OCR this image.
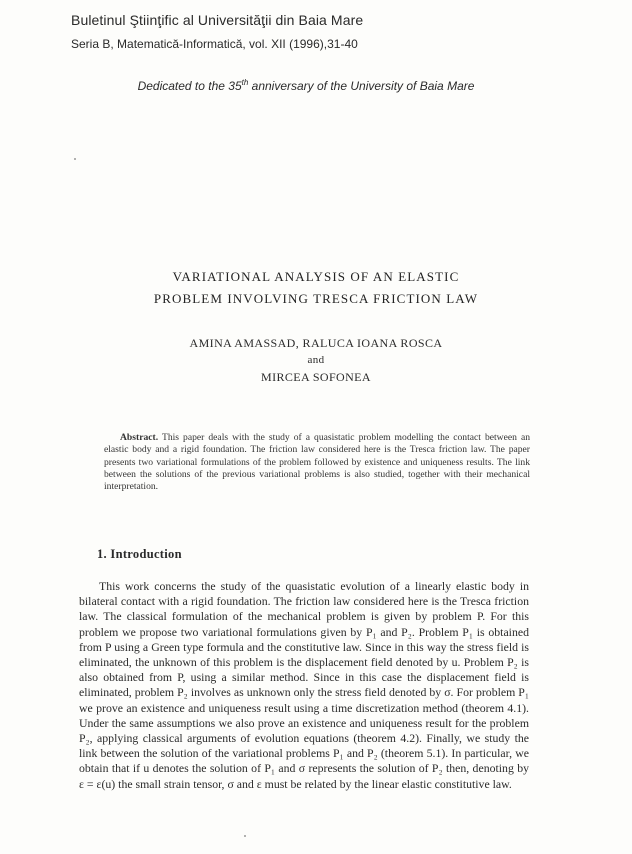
Buletinul Ştiinţific al Universităţii din Baia Mare
Seria B, Matematică-Informatică, vol. XII (1996),31-40
Dedicated to the 35th anniversary of the University of Baia Mare
VARIATIONAL ANALYSIS OF AN ELASTIC
PROBLEM INVOLVING TRESCA FRICTION LAW
AMINA AMASSAD, RALUCA IOANA ROSCA
and
MIRCEA SOFONEA
Abstract. This paper deals with the study of a quasistatic problem modelling the contact between an elastic body and a rigid foundation. The friction law considered here is the Tresca friction law. The paper presents two variational formulations of the problem followed by existence and uniqueness results. The link between the solutions of the previous variational problems is also studied, together with their mechanical interpretation.
1. Introduction

This work concerns the study of the quasistatic evolution of a linearly elastic body in bilateral contact with a rigid foundation. The friction law considered here is the Tresca friction law. The classical formulation of the mechanical problem is given by problem P. For this problem we propose two variational formulations given by P₁ and P₂. Problem P₁ is obtained from P using a Green type formula and the constitutive law. Since in this way the stress field is eliminated, the unknown of this problem is the displacement field denoted by u. Problem P₂ is also obtained from P, using a similar method. Since in this case the displacement field is eliminated, problem P₂ involves as unknown only the stress field denoted by σ. For problem P₁ we prove an existence and uniqueness result using a time discretization method (theorem 4.1). Under the same assumptions we also prove an existence and uniqueness result for the problem P₂, applying classical arguments of evolution equations (theorem 4.2). Finally, we study the link between the solution of the variational problems P₁ and P₂ (theorem 5.1). In particular, we obtain that if u denotes the solution of P₁ and σ represents the solution of P₂ then, denoting by ε = ε(u) the small strain tensor, σ and ε must be related by the linear elastic constitutive law.
